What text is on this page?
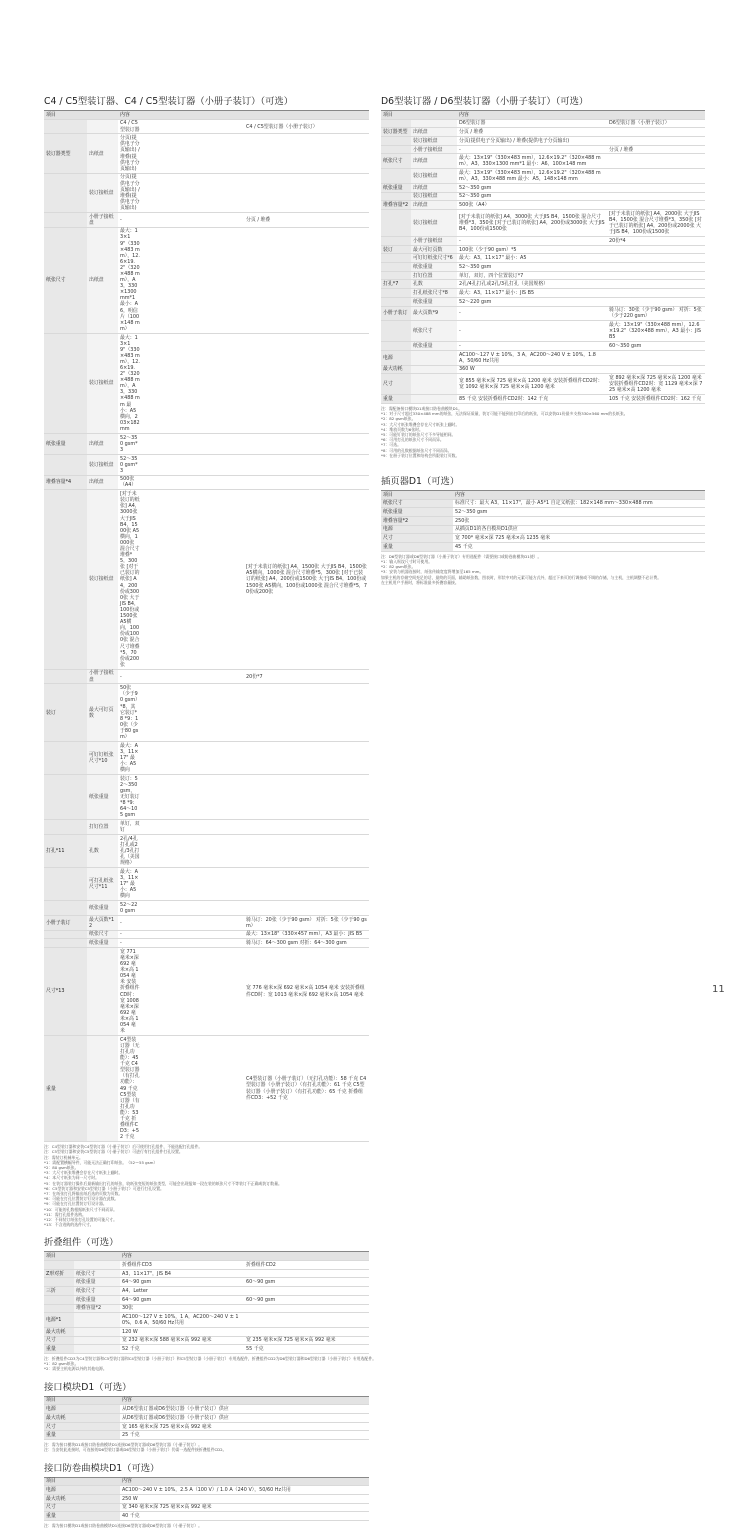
C4 / C5型装订器、C4 / C5型装订器（小册子装订）（可选）
项目		内容		
		C4 / C5型装订器		C4 / C5型装订器（小册子装订）
装订器类型	出纸盘	分页(提供电子分页输出) / 堆叠(提供电子分页输出)		
	装订接纸盘	分页(提供电子分页输出) / 堆叠(提供电子分页输出)		
	小册子接纸盘	-		分页 / 堆叠
纸张尺寸	出纸盘	最大：13×19"（330×483 mm），12.6×19.2"（320×488 mm），A3，330×1300 mm*1 最小：A6，明信片（100×148 mm）		
	装订接纸盘	最大：13×19"（330×483 mm），12.6×19.2"（320×488 mm），A3，330×488 mm 最小：A5横向，203×182 mm		
纸张重量	出纸盘	52～350 gsm*3		
	装订接纸盘	52～350 gsm*3		
堆叠容量*4	出纸盘	500张（A4）		
	装订接纸盘	[对于未装订的纸张] A4，3000张 大于JIS B4，1500张 A5横向，1000张 混合尺寸堆叠*5，300张 [对于已装订的纸张] A4，200份或3000张 大于JIS B4，100份或1500张 A5横向，100份或1000张 混合尺寸堆叠*5，70份或200张		[对于未装订的纸张] A4，1500张 大于JIS B4，1500张 A5横向，1000张 混合尺寸堆叠*5，300张 [对于已装订的纸张] A4，200份或1500张 大于JIS B4，100份或1500张 A5横向，100份或1000张 混合尺寸堆叠*5，70份或200张
	小册子接纸盘	-		20份*7
装订	最大可钉页数	50张（少于90 gsm）*8，其它装订*8 *9：10张（少于80 gsm）		
	可钉钉纸张尺寸*10	最大：A3，11×17" 最小：A5横向		
	纸张重量	装订：52～350 gsm，无钉装订*8 *9：64～105 gsm		
	打钉位置	单钉，双钉		
打孔*11	孔数	2孔/4孔打孔或2孔/3孔打孔（美国规格）		
	可打孔纸张尺寸*11	最大：A3，11×17" 最小：A5横向		
	纸张重量	52～220 gsm		
小册子装订	最大页数*12	-		骑马订：20张（少于90 gsm） 对折：5张（少于90 gsm）
	纸张尺寸	-		最大：13×18"（330×457 mm），A3 最小：JIS B5
	纸张重量	-		骑马订：64～300 gsm 对折：64～300 gsm
尺寸*13		宽 771 毫米×深 692 毫米×高 1054 毫米 安装折叠组件CD时：宽 1008 毫米×深 692 毫米×高 1054 毫米		宽 776 毫米×深 692 毫米×高 1054 毫米 安装折叠组件CD时：宽 1013 毫米×深 692 毫米×高 1054 毫米
重量		C4型装订器（无打孔功能）：45 千克 C4型装订器（有打孔功能）：49 千克 C5型装订器（有打孔功能）：53 千克 折叠组件CD3：+52 千克		C4型装订器（小册子装订）（无打孔功能）：58 千克 C4型装订器（小册子装订）（有打孔功能）：61 千克 C5型装订器（小册子装订）（有打孔功能）：65 千克 折叠组件CD3：+52 千克
注：C4型装订器和安装C4型装订器（小册子装订）后可使用打孔组件，不能选配打孔组件。
注：C5型装订器和安装C5型装订器（小册子装订）可进行有打孔组件打孔设置。
注：需装订机械单元。
*1：需配置横幅导件，可能无法正确打印纸张。（52～55 gsm）
*2：80 gsm纸张。
*3：大尺寸纸张堆叠会存在尺寸纸张上翻时。
*4：本尺寸纸张为同一尺寸时。
*5：在装订器装订操作后最新输出打孔的纸张，较纸张变短的纸张类型，可能会出现报知一段在装的纸张尺寸不等装订不正确或装订数量。
*6：C5型装订器和安装C5型装订器（小册子装订）可进行打孔设置。
*7：在纸张打孔将输出纸后选的页数为页数。
*8：可能在打孔位置装订钉设计器在此数。
*9：可能在打孔位置装订钉设计器。
*10：可能的孔数根据纸张尺寸不同而异。
*11：需打孔组件选购。
*12：不同装订纸张打孔设置的可能尺寸。
*13：不含选购的选件尺寸。
折叠组件（可选）
项目		内容	
		折叠组件CD3	折叠组件CD2
Z形对折	纸张尺寸	A3，11×17"，JIS B4	
	纸张重量	64～90 gsm	60～90 gsm
三折	纸张尺寸	A4，Letter	
	纸张重量	64～90 gsm	60～90 gsm
	堆叠容量*2	30张	
电源*1		AC100～127 V ± 10%，1 A，AC200～240 V ± 10%，0.6 A，50/60 Hz共用	
最大功耗		120 W	
尺寸		宽 232 毫米×深 588 毫米×高 992 毫米	宽 235 毫米×深 725 毫米×高 992 毫米
重量		52 千克	55 千克
注：折叠组件CD3为C4型装订器和C5型装订器和C4型装订器（小册子装订）和C5型装订器（小册子装订）专用选配件，折叠组件CD2为D6型装订器和D6型装订器（小册子装订）专用选配件。
*1：82 gsm纸张。
*2：需要主机电源以外的其他电源。
接口模块D1（可选）
项目	内容
电源	从D6型装订器或D6型装订器（小册子装订）供应
最大功耗	从D6型装订器或D6型装订器（小册子装订）供应
尺寸	宽 165 毫米×深 725 毫米×高 992 毫米
重量	25 千克
注：需为接口模块D1或接口防卷曲模块D1连接D6型装订器或D6型装订器（小册子装订）。
注：当安装此连接时，可连接的D6型装订器或D6型装订器（小册子装订）仍需一选配件接折叠组件CD2。
接口防卷曲模块D1（可选）
项目	内容
电源	AC100～240 V ± 10%，2.5 A（100 V）/ 1.0 A（240 V），50/60 Hz共用
最大功耗	250 W
尺寸	宽 340 毫米×深 725 毫米×高 992 毫米
重量	40 千克
注：需为接口模块D1或接口防卷曲模块D1连接D6型装订器或D6型装订器（小册子装订）。
D6型装订器 / D6型装订器（小册子装订）（可选）
项目		内容		
		D6型装订器		D6型装订器（小册子装订）
装订器类型	出纸盘	分页 / 堆叠		
	装订接纸盘	分页(提供电子分页输出) / 堆叠(提供电子分页输出)		
	小册子接纸盘	-		分页 / 堆叠
纸张尺寸	出纸盘	最大：13×19"（330×483 mm），12.6×19.2"（320×488 mm），A3，330×1300 mm*1 最小：A6，100×148 mm		
	装订接纸盘	最大：13×19"（330×483 mm），12.6×19.2"（320×488 mm），A3，330×488 mm 最小：A5，148×148 mm		
纸张重量	出纸盘	52～350 gsm		
	装订接纸盘	52～350 gsm		
堆叠容量*2	出纸盘	500张（A4）		
	装订接纸盘	[对于未装订的纸张] A4，3000张 大于JIS B4，1500张 混合尺寸堆叠*3，350张 [对于已装订的纸张] A4，200份或3000张 大于JIS B4，100份或1500张		[对于未装订的纸张] A4，2000张 大于JIS B4，1500张 混合尺寸堆叠*3，350张 [对于已装订的纸张] A4，200份或2000张 大于JIS B4，100份或1500张
	小册子接纸盘	-		20份*4
装订	最大可钉页数	100张（少于90 gsm）*5		
	可钉钉纸张尺寸*6	最大：A3，11×17" 最小：A5		
	纸张重量	52～350 gsm		
	打钉位置	单钉，双钉，四个位置装订*7		
打孔*7	孔数	2孔/4孔打孔或2孔/3孔打孔（美国规格）		
	打孔纸张尺寸*8	最大：A3，11×17" 最小：JIS B5		
	纸张重量	52～220 gsm		
小册子装订	最大页数*9	-		骑马订：30张（少于90 gsm） 对折：5张（少于220 gsm）
	纸张尺寸	-		最大：13×19"（330×488 mm），12.6×19.2"（320×488 mm），A3 最小：JIS B5
	纸张重量	-		60～350 gsm
电源		AC100～127 V ± 10%，3 A，AC200～240 V ± 10%，1.8 A，50/60 Hz共用		
最大功耗		360 W		
尺寸		宽 855 毫米×深 725 毫米×高 1200 毫米 安装折叠组件CD2时：宽 1092 毫米×深 725 毫米×高 1200 毫米		宽 892 毫米×深 725 毫米×高 1200 毫米 安装折叠组件CD2时：宽 1129 毫米×深 725 毫米×高 1200 毫米
重量		85 千克 安装折叠组件CD2时：142 千克		105 千克 安装折叠组件CD2时：162 千克
注：需配备接口模块D1或接口防卷曲模块D1。
*1：对于尺寸超过330×488 mm的纸张，无法保证质量，装订可能不能到出打印后的纸张，可以安装D1份最多支持330×560 mm的长纸张。
*2：82 gsm纸张。
*3：大尺寸纸张堆叠会存在尺寸纸张上翻时。
*4：堆放页数为6张时。
*5：可能钉装订的纸张尺寸不多导能相同。
*6：可用打孔的纸张尺寸不同而异。
*7：可选。
*8：可用的孔数根据纸张尺寸不同而异。
*9：在册子装订位置和结构会所限装订页数。
插页器D1（可选）
项目	内容
纸张尺寸	标准尺寸：最大 A3，11×17"，最小 A5*1 自定义纸张：182×148 mm～330×488 mm
纸张重量	52～350 gsm
堆叠容量*2	250张
电源	从插页D1的各自模块D1供应
尺寸	宽 700* 毫米×深 725 毫米×高 1235 毫米
重量	45 千克
注：D6型装订器或D6型装订器（小册子装订）专用选配件（需要接口或防卷曲模块D1使）。
*1：输入纵纹尺寸时可使用。
*2：82 gsm纸张。
*3：安装与机器连接时，纸张传输宽度将增加至165 mm。
如果主机的存储空间充足的话，最终的页面，辅助纸张数，图表时，形状中对的元素可能方式外，超过下来页的行调接或不调的存储，与主机，主机调整不必计费。
在主机用户手册时，将标准最多折叠容量接。
11
